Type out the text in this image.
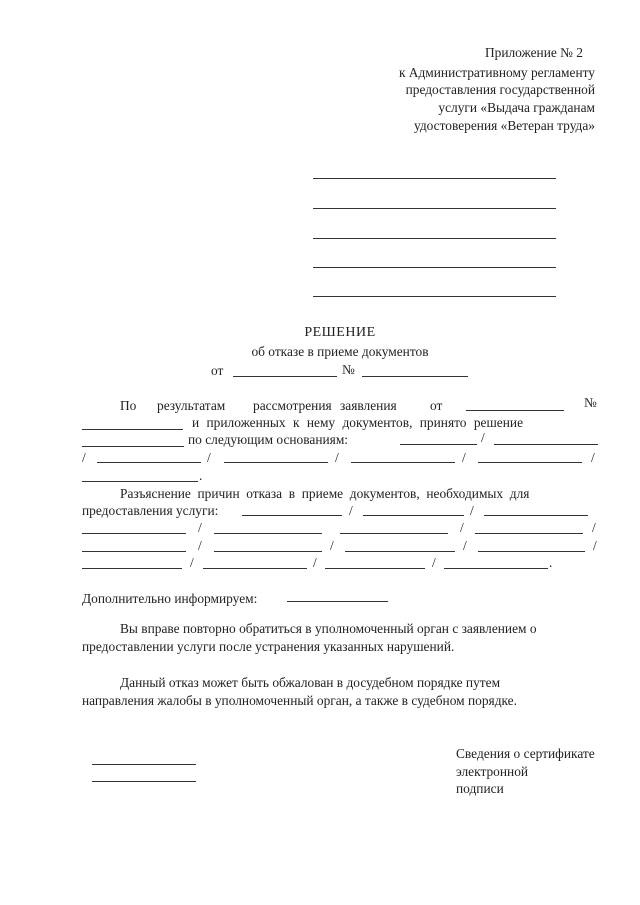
Приложение № 2
к Административному регламенту
предоставления государственной
услуги «Выдача гражданам
удостоверения «Ветеран труда»
РЕШЕНИЕ
об отказе в приеме документов
от	№
По результатам рассмотрения заявления от	№
и приложенных к нему документов, принято решение
по следующим основаниям:	/
/	/	/	/	/
.
Разъяснение причин отказа в приеме документов, необходимых для
предоставления услуги:	/	/
/	/	/
/	/	/	/
/	/	/	.
Дополнительно информируем:
Вы вправе повторно обратиться в уполномоченный орган с заявлением о
предоставлении услуги после устранения указанных нарушений.
Данный отказ может быть обжалован в досудебном порядке путем
направления жалобы в уполномоченный орган, а также в судебном порядке.
Сведения о сертификате
электронной
подписи
